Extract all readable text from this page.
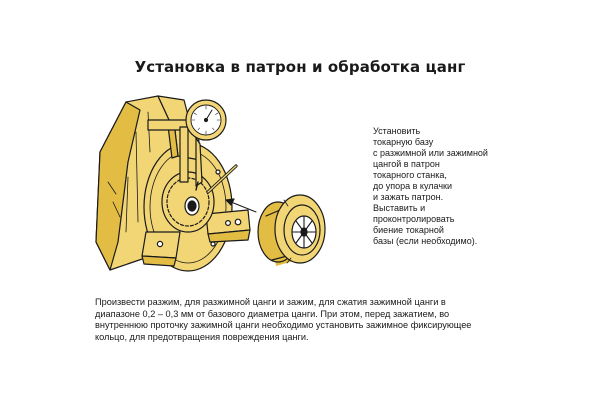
Установка в патрон и обработка цанг
Установить
токарную базу
с разжимной или зажимной
цангой в патрон
токарного станка,
до упора в кулачки
и зажать патрон.
Выставить и
проконтролировать
биение токарной
базы (если необходимо).
Произвести разжим, для разжимной цанги и зажим, для сжатия зажимной цанги в
диапазоне 0,2 – 0,3 мм от базового диаметра цанги. При этом, перед зажатием, во
внутреннюю проточку зажимной цанги необходимо установить зажимное фиксирующее
кольцо, для предотвращения повреждения цанги.
